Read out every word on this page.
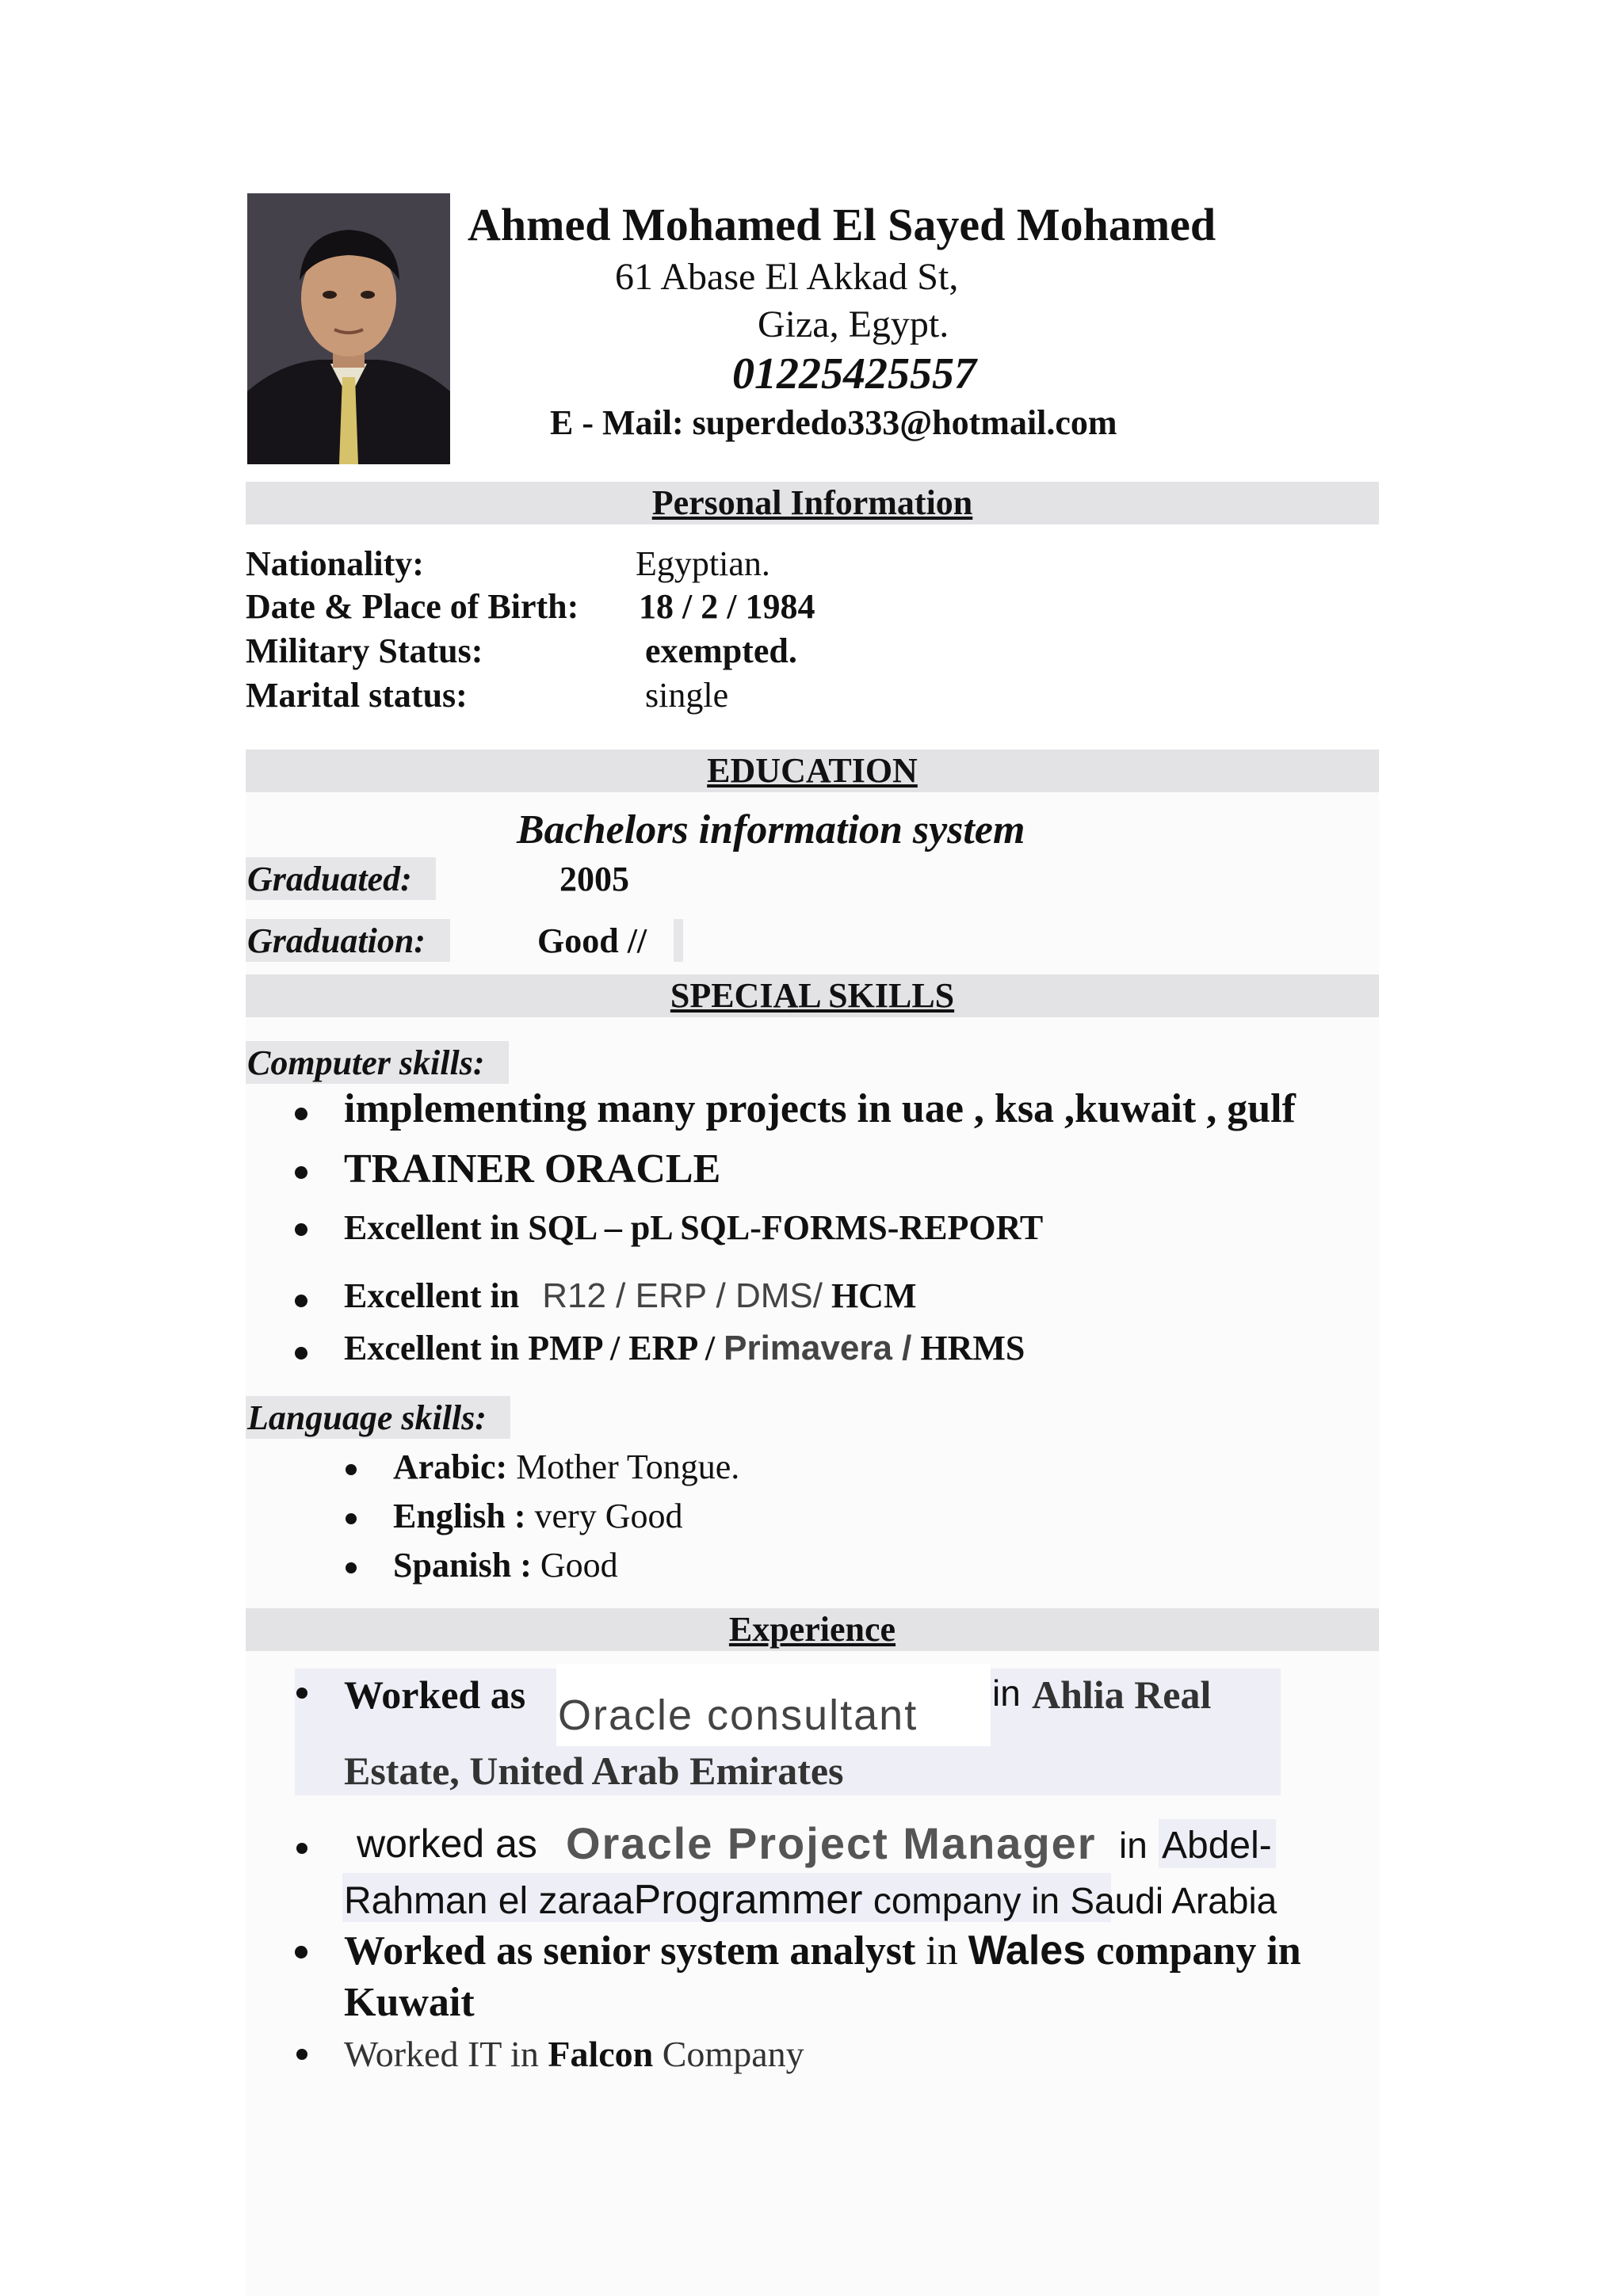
Ahmed Mohamed El Sayed Mohamed
61 Abase El Akkad St,
Giza, Egypt.
01225425557
E - Mail: superdedo333@hotmail.com
Personal Information
Nationality:	Egyptian.
Date & Place of Birth: 18 / 2 / 1984
Military Status:	exempted.
Marital status:	single
EDUCATION
Bachelors information system
Graduated:	2005
Graduation:	Good //
SPECIAL SKILLS
Computer skills:
implementing many projects in uae , ksa ,kuwait , gulf
TRAINER ORACLE
Excellent in SQL – pL SQL-FORMS-REPORT
Excellent in R12 / ERP / DMS/ HCM
Excellent in PMP / ERP / Primavera / HRMS
Language skills:
Arabic: Mother Tongue.
English : very Good
Spanish : Good
Experience
Worked as Oracle consultant in Ahlia Real
Estate, United Arab Emirates
worked as Oracle Project Manager in Abdel-
Rahman el zaraaProgrammer company in Saudi Arabia
Worked as senior system analyst in Wales company in
Kuwait
Worked IT in Falcon Company
